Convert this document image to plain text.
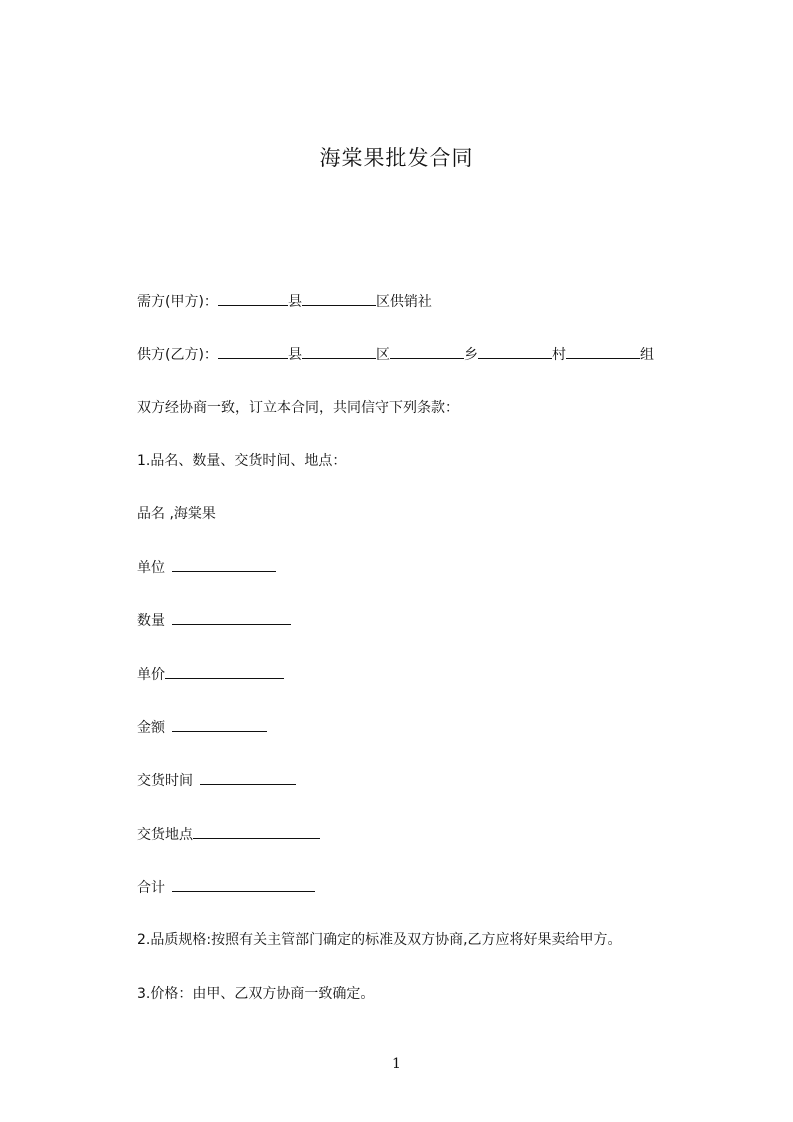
海棠果批发合同
需方(甲方)：	县	区供销社
供方(乙方)：	县	区	乡	村	组
双方经协商一致，订立本合同，共同信守下列条款：
1.品名、数量、交货时间、地点：
品名 ,海棠果
单位
数量
单价
金额
交货时间
交货地点
合计
2.品质规格:按照有关主管部门确定的标准及双方协商,乙方应将好果卖给甲方。
3.价格：由甲、乙双方协商一致确定。
1
